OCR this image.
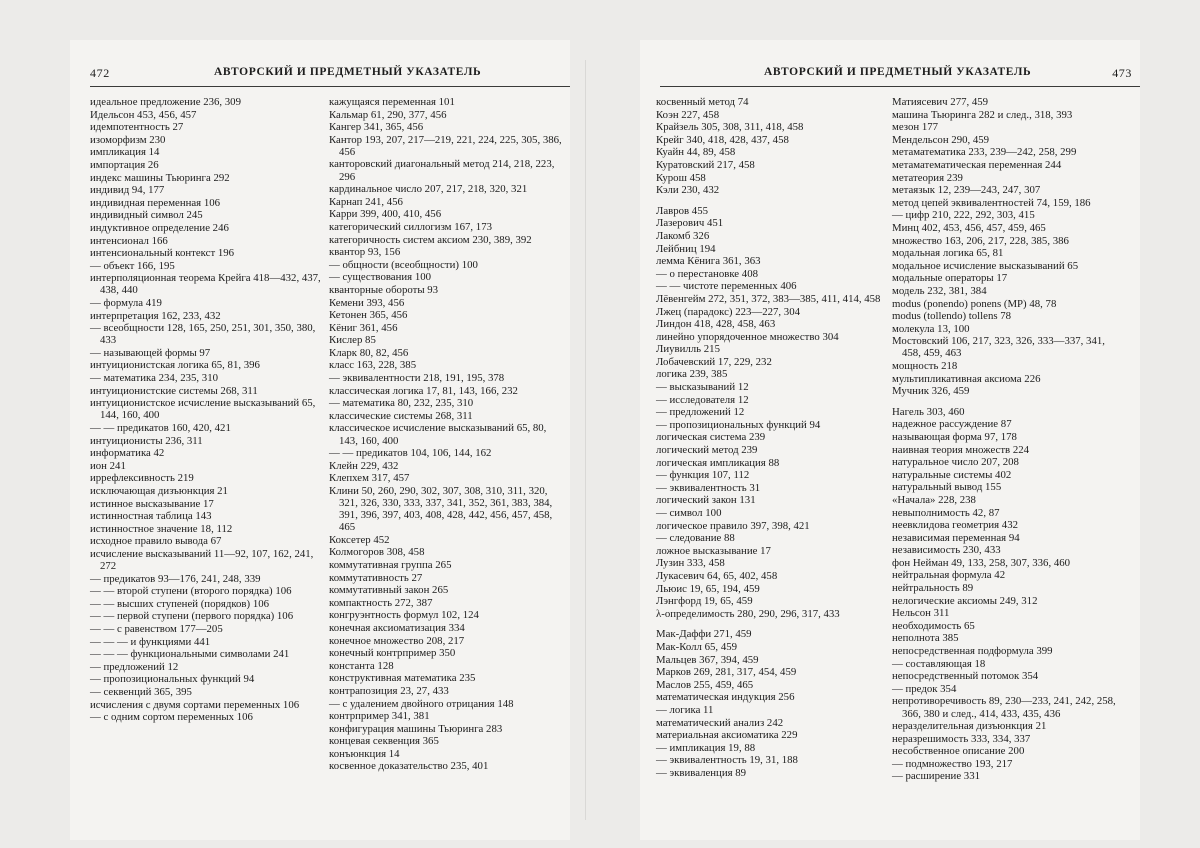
472	АВТОРСКИЙ И ПРЕДМЕТНЫЙ УКАЗАТЕЛЬ
идеальное предложение 236, 309
Идельсон 453, 456, 457
идемпотентность 27
изоморфизм 230
импликация 14
импортация 26
индекс машины Тьюринга 292
индивид 94, 177
индивидная переменная 106
индивидный символ 245
индуктивное определение 246
интенсионал 166
интенсиональный контекст 196
— объект 166, 195
интерполяционная теорема Крейга 418—432, 437, 438, 440
— формула 419
интерпретация 162, 233, 432
— всеобщности 128, 165, 250, 251, 301, 350, 380, 433
— называющей формы 97
интуиционистская логика 65, 81, 396
— математика 234, 235, 310
интуиционистские системы 268, 311
интуиционистское исчисление высказываний 65, 144, 160, 400
— — предикатов 160, 420, 421
интуиционисты 236, 311
информатика 42
ион 241
иррефлексивность 219
исключающая дизъюнкция 21
истинное высказывание 17
истинностная таблица 143
истинностное значение 18, 112
исходное правило вывода 67
исчисление высказываний 11—92, 107, 162, 241, 272
— предикатов 93—176, 241, 248, 339
— — второй ступени (второго порядка) 106
— — высших ступеней (порядков) 106
— — первой ступени (первого порядка) 106
— — с равенством 177—205
— — — и функциями 441
— — — функциональными символами 241
— предложений 12
— пропозициональных функций 94
— секвенций 365, 395
исчисления с двумя сортами переменных 106
— с одним сортом переменных 106
кажущаяся переменная 101
Кальмар 61, 290, 377, 456
Кангер 341, 365, 456
Кантор 193, 207, 217—219, 221, 224, 225, 305, 386, 456
канторовский диагональный метод 214, 218, 223, 296
кардинальное число 207, 217, 218, 320, 321
Карнап 241, 456
Карри 399, 400, 410, 456
категорический силлогизм 167, 173
категоричность систем аксиом 230, 389, 392
квантор 93, 156
— общности (всеобщности) 100
— существования 100
кванторные обороты 93
Кемени 393, 456
Кетонен 365, 456
Кёниг 361, 456
Кислер 85
Кларк 80, 82, 456
класс 163, 228, 385
— эквивалентности 218, 191, 195, 378
классическая логика 17, 81, 143, 166, 232
— математика 80, 232, 235, 310
классические системы 268, 311
классическое исчисление высказываний 65, 80, 143, 160, 400
— — предикатов 104, 106, 144, 162
Клейн 229, 432
Клепхем 317, 457
Клини 50, 260, 290, 302, 307, 308, 310, 311, 320, 321, 326, 330, 333, 337, 341, 352, 361, 383, 384, 391, 396, 397, 403, 408, 428, 442, 456, 457, 458, 465
Коксетер 452
Колмогоров 308, 458
коммутативная группа 265
коммутативность 27
коммутативный закон 265
компактность 272, 387
конгруэнтность формул 102, 124
конечная аксиоматизация 334
конечное множество 208, 217
конечный контрпример 350
константа 128
конструктивная математика 235
контрапозиция 23, 27, 433
— с удалением двойного отрицания 148
контрпример 341, 381
конфигурация машины Тьюринга 283
концевая секвенция 365
конъюнкция 14
косвенное доказательство 235, 401
АВТОРСКИЙ И ПРЕДМЕТНЫЙ УКАЗАТЕЛЬ	473
косвенный метод 74
Коэн 227, 458
Крайзель 305, 308, 311, 418, 458
Крейг 340, 418, 428, 437, 458
Куайн 44, 89, 458
Куратовский 217, 458
Курош 458
Кэли 230, 432
Лавров 455
Лазерович 451
Лакомб 326
Лейбниц 194
лемма Кёнига 361, 363
— о перестановке 408
— — чистоте переменных 406
Лёвенгейм 272, 351, 372, 383—385, 411, 414, 458
Лжец (парадокс) 223—227, 304
Линдон 418, 428, 458, 463
линейно упорядоченное множество 304
Лиувилль 215
Лобачевский 17, 229, 232
логика 239, 385
— высказываний 12
— исследователя 12
— предложений 12
— пропозициональных функций 94
логическая система 239
логический метод 239
логическая импликация 88
— функция 107, 112
— эквивалентность 31
логический закон 131
— символ 100
логическое правило 397, 398, 421
— следование 88
ложное высказывание 17
Лузин 333, 458
Лукасевич 64, 65, 402, 458
Льюис 19, 65, 194, 459
Лэнгфорд 19, 65, 459
λ-определимость 280, 290, 296, 317, 433
Мак-Даффи 271, 459
Мак-Колл 65, 459
Мальцев 367, 394, 459
Марков 269, 281, 317, 454, 459
Маслов 255, 459, 465
математическая индукция 256
— логика 11
математический анализ 242
материальная аксиоматика 229
— импликация 19, 88
— эквивалентность 19, 31, 188
— эквиваленция 89
Матиясевич 277, 459
машина Тьюринга 282 и след., 318, 393
мезон 177
Мендельсон 290, 459
метаматематика 233, 239—242, 258, 299
метаматематическая переменная 244
метатеория 239
метаязык 12, 239—243, 247, 307
метод цепей эквивалентностей 74, 159, 186
— цифр 210, 222, 292, 303, 415
Минц 402, 453, 456, 457, 459, 465
множество 163, 206, 217, 228, 385, 386
модальная логика 65, 81
модальное исчисление высказываний 65
модальные операторы 17
модель 232, 381, 384
modus (ponendo) ponens (MP) 48, 78
modus (tollendo) tollens 78
молекула 13, 100
Мостовский 106, 217, 323, 326, 333—337, 341, 458, 459, 463
мощность 218
мультипликативная аксиома 226
Мучник 326, 459
Нагель 303, 460
надежное рассуждение 87
называющая форма 97, 178
наивная теория множеств 224
натуральное число 207, 208
натуральные системы 402
натуральный вывод 155
«Начала» 228, 238
невыполнимость 42, 87
неевклидова геометрия 432
независимая переменная 94
независимость 230, 433
фон Нейман 49, 133, 258, 307, 336, 460
нейтральная формула 42
нейтральность 89
нелогические аксиомы 249, 312
Нельсон 311
необходимость 65
неполнота 385
непосредственная подформула 399
— составляющая 18
непосредственный потомок 354
— предок 354
непротиворечивость 89, 230—233, 241, 242, 258, 366, 380 и след., 414, 433, 435, 436
неразделительная дизъюнкция 21
неразрешимость 333, 334, 337
несобственное описание 200
— подмножество 193, 217
— расширение 331
